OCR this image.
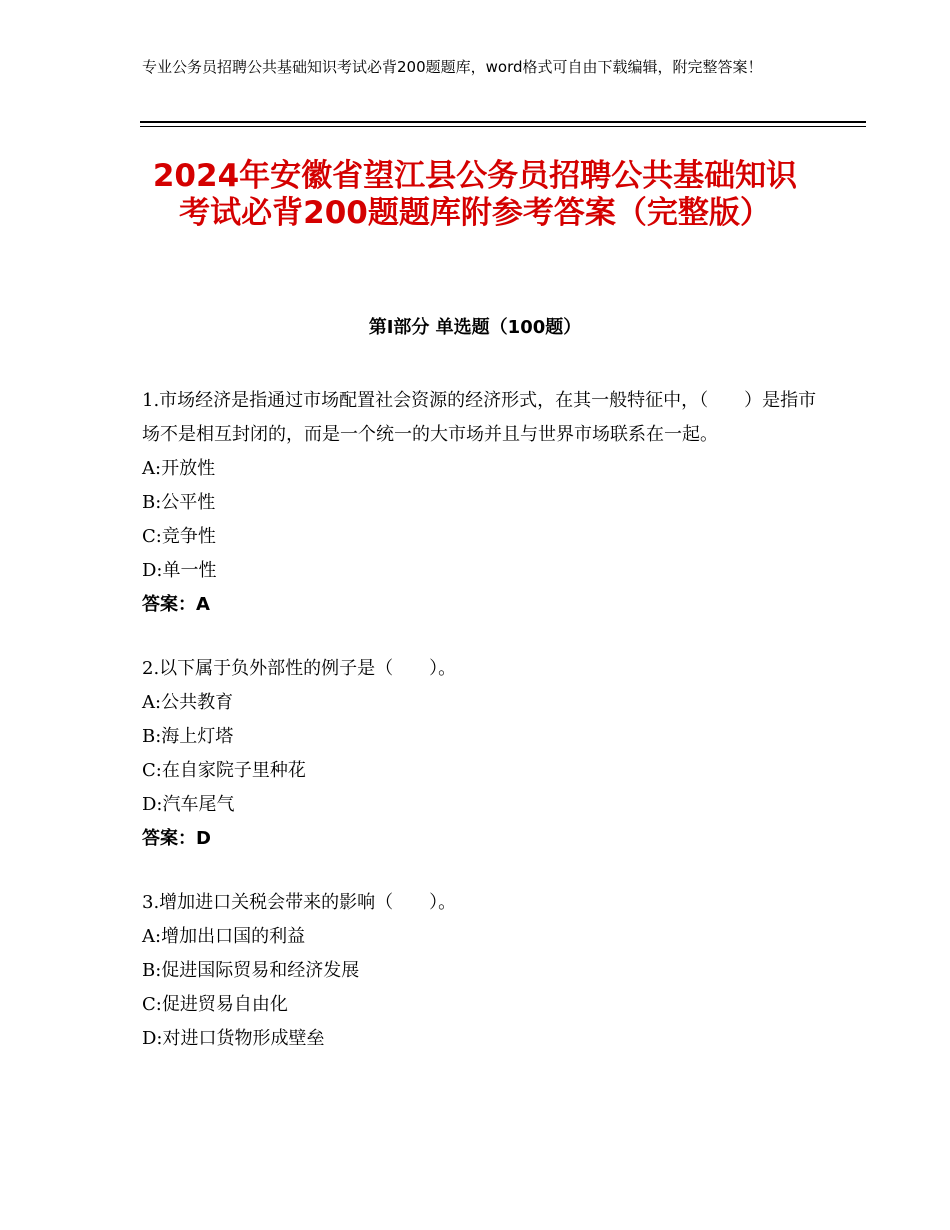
专业公务员招聘公共基础知识考试必背200题题库，word格式可自由下载编辑，附完整答案！
2024年安徽省望江县公务员招聘公共基础知识考试必背200题题库附参考答案（完整版）
第Ⅰ部分 单选题（100题）
1.市场经济是指通过市场配置社会资源的经济形式，在其一般特征中，（　　）是指市场不是相互封闭的，而是一个统一的大市场并且与世界市场联系在一起。
A:开放性
B:公平性
C:竞争性
D:单一性
答案：A
2.以下属于负外部性的例子是（　　）。
A:公共教育
B:海上灯塔
C:在自家院子里种花
D:汽车尾气
答案：D
3.增加进口关税会带来的影响（　　）。
A:增加出口国的利益
B:促进国际贸易和经济发展
C:促进贸易自由化
D:对进口货物形成壁垒
